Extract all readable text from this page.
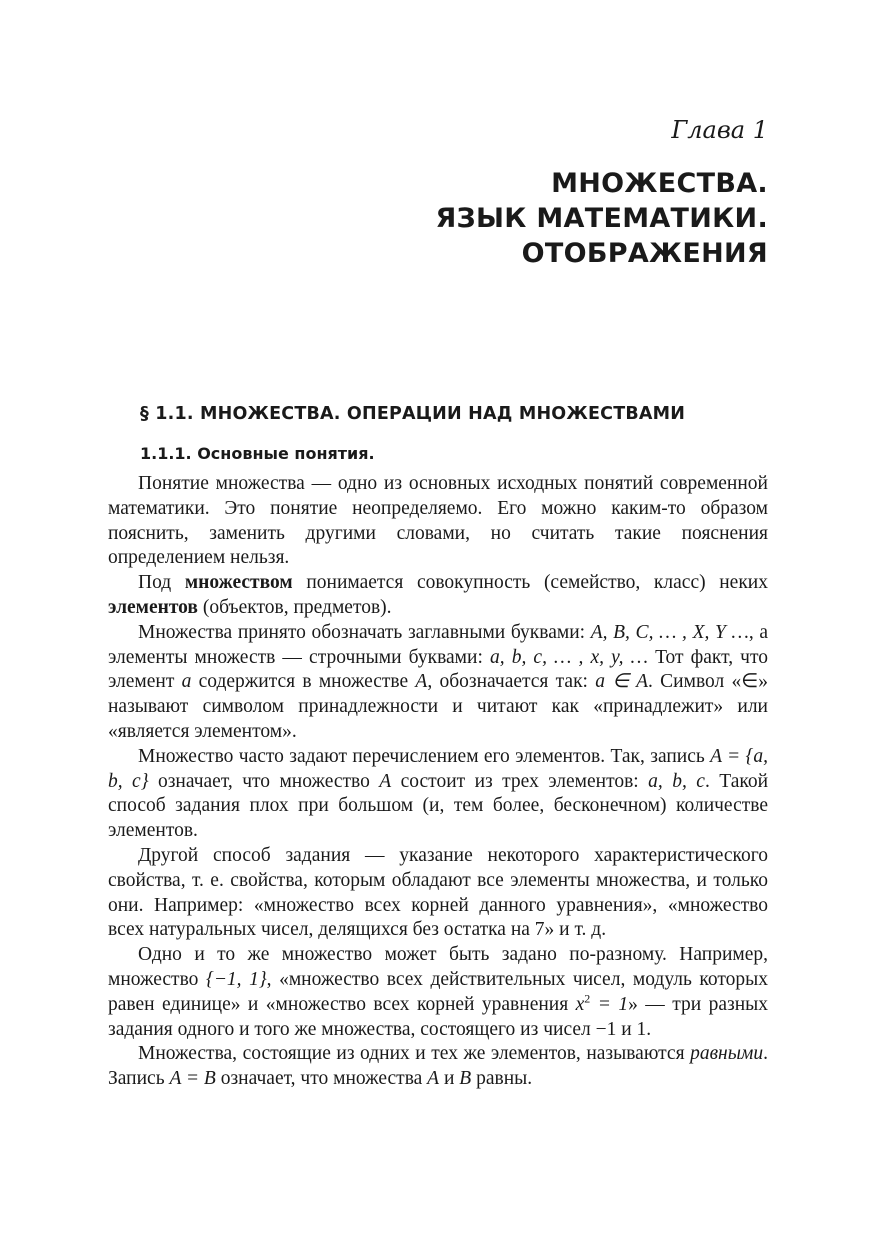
Глава 1
МНОЖЕСТВА.
ЯЗЫК МАТЕМАТИКИ.
ОТОБРАЖЕНИЯ
§ 1.1. МНОЖЕСТВА. ОПЕРАЦИИ НАД МНОЖЕСТВАМИ
1.1.1. Основные понятия.

Понятие множества — одно из основных исходных понятий современной математики. Это понятие неопределяемо. Его можно каким-то образом пояснить, заменить другими словами, но считать такие пояснения определением нельзя.

Под множеством понимается совокупность (семейство, класс) неких элементов (объектов, предметов).

Множества принято обозначать заглавными буквами: A, B, C, … , X, Y …, а элементы множеств — строчными буквами: a, b, c, … , x, y, … Тот факт, что элемент a содержится в множестве A, обозначается так: a ∈ A. Символ «∈» называют символом принадлежности и читают как «принадлежит» или «является элементом».

Множество часто задают перечислением его элементов. Так, запись A = {a, b, c} означает, что множество A состоит из трех элементов: a, b, c. Такой способ задания плох при большом (и, тем более, бесконечном) количестве элементов.

Другой способ задания — указание некоторого характеристического свойства, т. е. свойства, которым обладают все элементы множества, и только они. Например: «множество всех корней данного уравнения», «множество всех натуральных чисел, делящихся без остатка на 7» и т. д.

Одно и то же множество может быть задано по-разному. Например, множество {−1, 1}, «множество всех действительных чисел, модуль которых равен единице» и «множество всех корней уравнения $x^2 = 1$» — три разных задания одного и того же множества, состоящего из чисел −1 и 1.

Множества, состоящие из одних и тех же элементов, называются равными. Запись A = B означает, что множества A и B равны.
